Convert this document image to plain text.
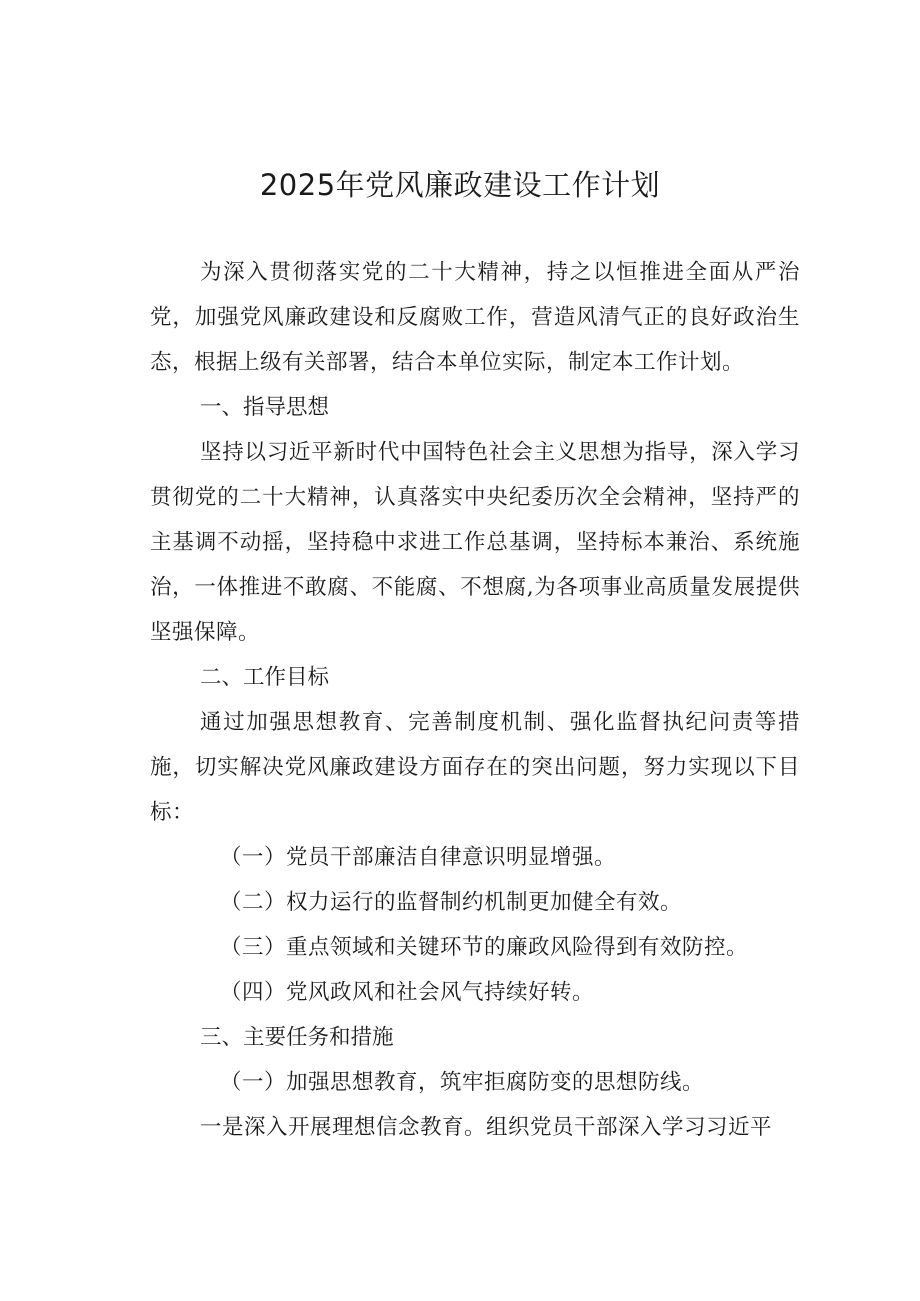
2025年党风廉政建设工作计划

为深入贯彻落实党的二十大精神，持之以恒推进全面从严治党，加强党风廉政建设和反腐败工作，营造风清气正的良好政治生态，根据上级有关部署，结合本单位实际，制定本工作计划。

一、指导思想

坚持以习近平新时代中国特色社会主义思想为指导，深入学习贯彻党的二十大精神，认真落实中央纪委历次全会精神，坚持严的主基调不动摇，坚持稳中求进工作总基调，坚持标本兼治、系统施治，一体推进不敢腐、不能腐、不想腐,为各项事业高质量发展提供坚强保障。

二、工作目标

通过加强思想教育、完善制度机制、强化监督执纪问责等措施，切实解决党风廉政建设方面存在的突出问题，努力实现以下目标：

（一）党员干部廉洁自律意识明显增强。

（二）权力运行的监督制约机制更加健全有效。

（三）重点领域和关键环节的廉政风险得到有效防控。

（四）党风政风和社会风气持续好转。

三、主要任务和措施

（一）加强思想教育，筑牢拒腐防变的思想防线。

一是深入开展理想信念教育。组织党员干部深入学习习近平
